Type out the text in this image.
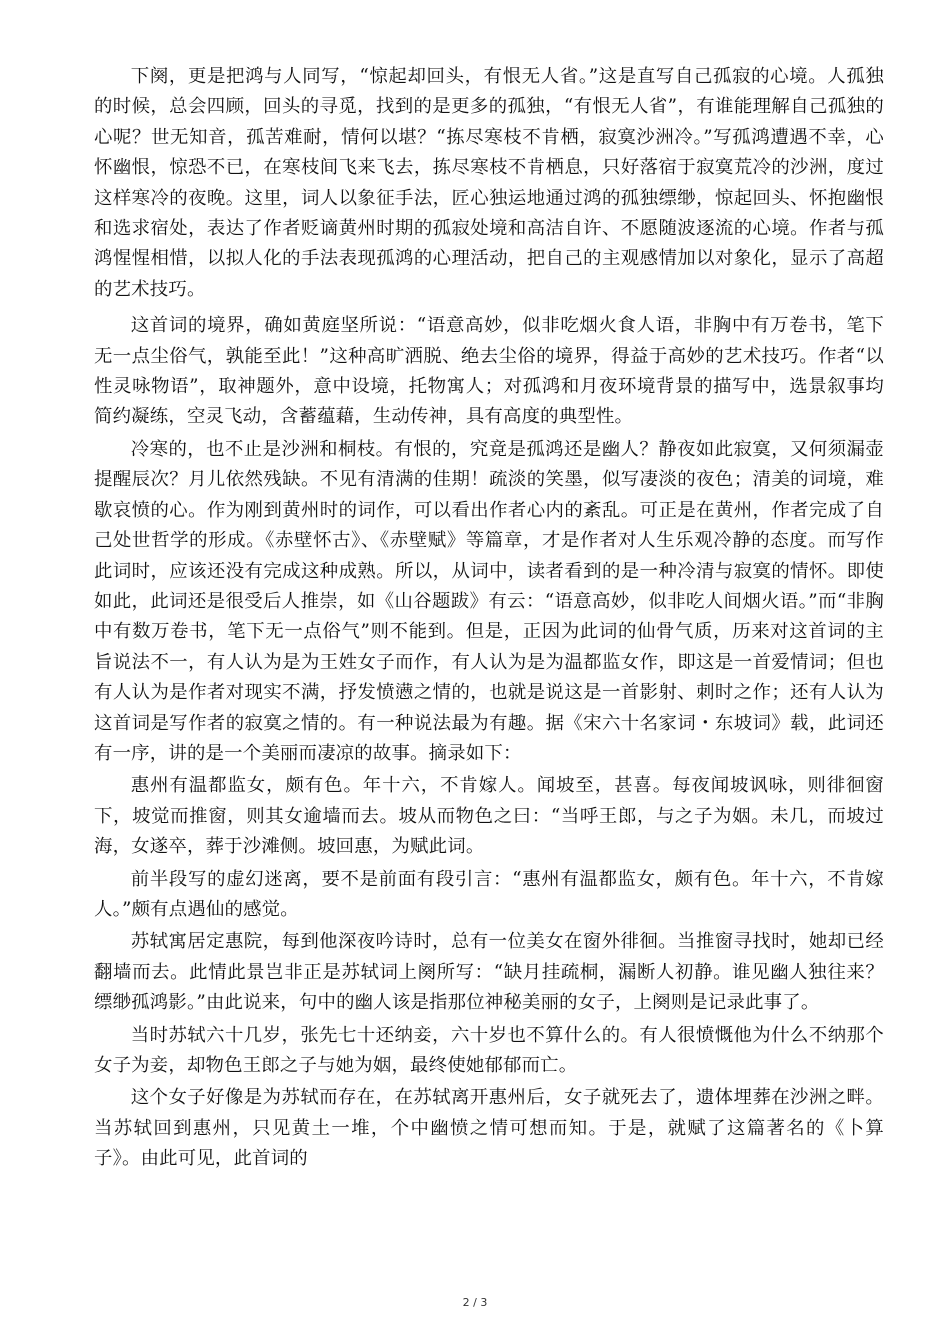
下阕，更是把鸿与人同写，“惊起却回头，有恨无人省。”这是直写自己孤寂的心境。人孤独的时候，总会四顾，回头的寻觅，找到的是更多的孤独，“有恨无人省”，有谁能理解自己孤独的心呢？世无知音，孤苦难耐，情何以堪？“拣尽寒枝不肯栖，寂寞沙洲冷。”写孤鸿遭遇不幸，心怀幽恨，惊恐不已，在寒枝间飞来飞去，拣尽寒枝不肯栖息，只好落宿于寂寞荒冷的沙洲，度过这样寒冷的夜晚。这里，词人以象征手法，匠心独运地通过鸿的孤独缥缈，惊起回头、怀抱幽恨和选求宿处，表达了作者贬谪黄州时期的孤寂处境和高洁自许、不愿随波逐流的心境。作者与孤鸿惺惺相惜，以拟人化的手法表现孤鸿的心理活动，把自己的主观感情加以对象化，显示了高超的艺术技巧。

这首词的境界，确如黄庭坚所说：“语意高妙，似非吃烟火食人语，非胸中有万卷书，笔下无一点尘俗气，孰能至此！”这种高旷洒脱、绝去尘俗的境界，得益于高妙的艺术技巧。作者“以性灵咏物语”，取神题外，意中设境，托物寓人；对孤鸿和月夜环境背景的描写中，选景叙事均简约凝练，空灵飞动，含蓄蕴藉，生动传神，具有高度的典型性。

冷寒的，也不止是沙洲和桐枝。有恨的，究竟是孤鸿还是幽人？静夜如此寂寞，又何须漏壶提醒辰次？月儿依然残缺。不见有清满的佳期！疏淡的笑墨，似写凄淡的夜色；清美的词境，难歇哀愤的心。作为刚到黄州时的词作，可以看出作者心内的紊乱。可正是在黄州，作者完成了自己处世哲学的形成。《赤壁怀古》、《赤壁赋》等篇章，才是作者对人生乐观冷静的态度。而写作此词时，应该还没有完成这种成熟。所以，从词中，读者看到的是一种冷清与寂寞的情怀。即使如此，此词还是很受后人推崇，如《山谷题跋》有云：“语意高妙，似非吃人间烟火语。”而“非胸中有数万卷书，笔下无一点俗气”则不能到。但是，正因为此词的仙骨气质，历来对这首词的主旨说法不一，有人认为是为王姓女子而作，有人认为是为温都监女作，即这是一首爱情词；但也有人认为是作者对现实不满，抒发愤懑之情的，也就是说这是一首影射、刺时之作；还有人认为这首词是写作者的寂寞之情的。有一种说法最为有趣。据《宋六十名家词・东坡词》载，此词还有一序，讲的是一个美丽而凄凉的故事。摘录如下：

惠州有温都监女，颇有色。年十六，不肯嫁人。闻坡至，甚喜。每夜闻坡讽咏，则徘徊窗下，坡觉而推窗，则其女逾墙而去。坡从而物色之曰：“当呼王郎，与之子为姻。未几，而坡过海，女遂卒，葬于沙滩侧。坡回惠，为赋此词。

前半段写的虚幻迷离，要不是前面有段引言：“惠州有温都监女，颇有色。年十六，不肯嫁人。”颇有点遇仙的感觉。

苏轼寓居定惠院，每到他深夜吟诗时，总有一位美女在窗外徘徊。当推窗寻找时，她却已经翻墙而去。此情此景岂非正是苏轼词上阕所写：“缺月挂疏桐，漏断人初静。谁见幽人独往来？缥缈孤鸿影。”由此说来，句中的幽人该是指那位神秘美丽的女子，上阕则是记录此事了。

当时苏轼六十几岁，张先七十还纳妾，六十岁也不算什么的。有人很愤慨他为什么不纳那个女子为妾，却物色王郎之子与她为姻，最终使她郁郁而亡。

这个女子好像是为苏轼而存在，在苏轼离开惠州后，女子就死去了，遗体埋葬在沙洲之畔。当苏轼回到惠州，只见黄土一堆，个中幽愤之情可想而知。于是，就赋了这篇著名的《卜算子》。由此可见，此首词的

2 / 3
